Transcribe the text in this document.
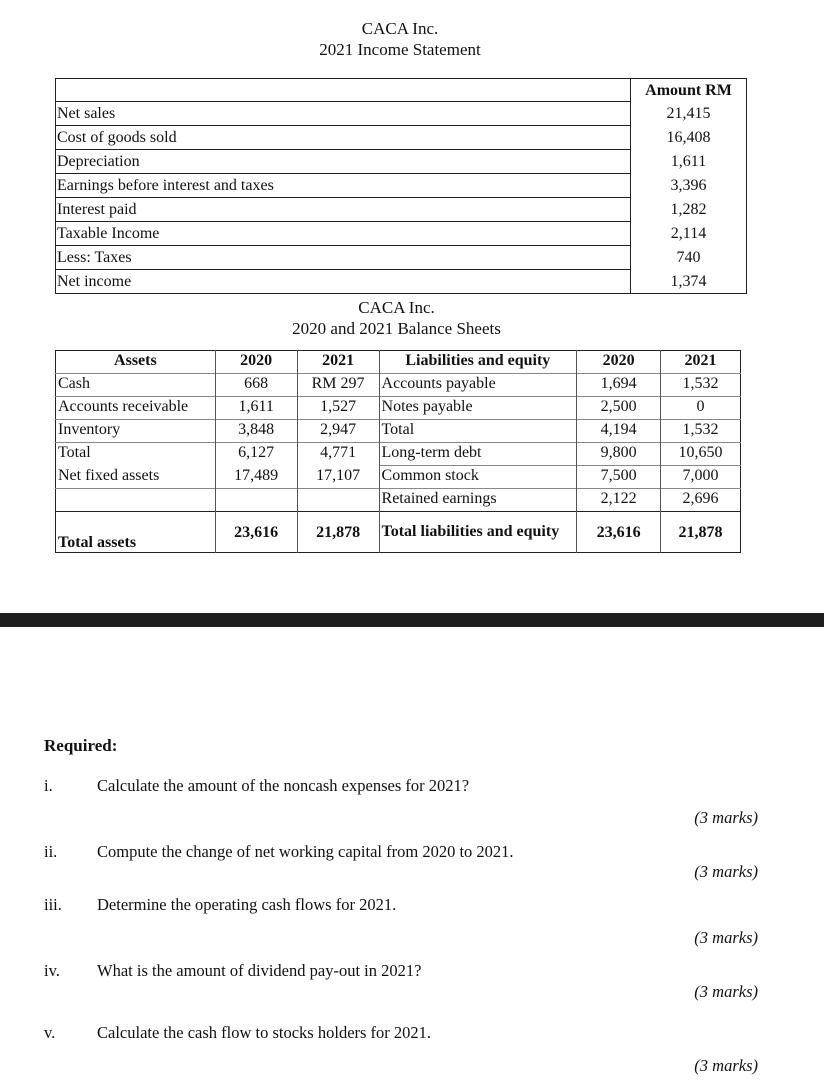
CACA Inc.
2021 Income Statement
	Amount RM
Net sales	21,415
Cost of goods sold	16,408
Depreciation	1,611
Earnings before interest and taxes	3,396
Interest paid	1,282
Taxable Income	2,114
Less: Taxes	740
Net income	1,374
CACA Inc.
2020 and 2021 Balance Sheets
Assets	2020	2021	Liabilities and equity	2020	2021
Cash	668	RM 297	Accounts payable	1,694	1,532
Accounts receivable	1,611	1,527	Notes payable	2,500	0
Inventory	3,848	2,947	Total	4,194	1,532
Total	6,127	4,771	Long-term debt	9,800	10,650
Net fixed assets	17,489	17,107	Common stock	7,500	7,000
			Retained earnings	2,122	2,696
Total assets	23,616	21,878	Total liabilities and equity	23,616	21,878
Required:
i.	Calculate the amount of the noncash expenses for 2021?
(3 marks)
ii. Compute the change of net working capital from 2020 to 2021.
(3 marks)
iii. Determine the operating cash flows for 2021.
(3 marks)
iv. What is the amount of dividend pay-out in 2021?
(3 marks)
v.	Calculate the cash flow to stocks holders for 2021.
(3 marks)
